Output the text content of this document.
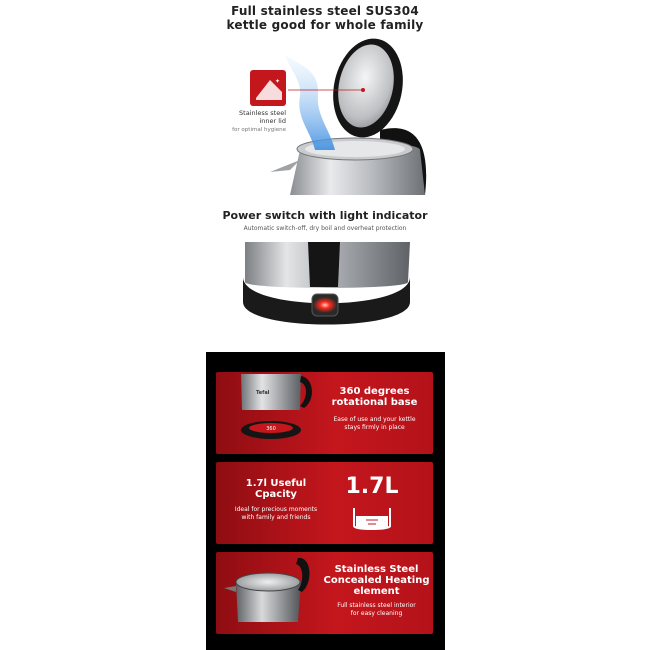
Full stainless steel SUS304
kettle good for whole family
✦
Stainless steel
inner lid
for optimal hygiene
Power switch with light indicator
Automatic switch-off, dry boil and overheat protection
360
Tefal	360 degrees
rotational base
Ease of use and your kettle
stays firmly in place
1.7l Useful
Cpacity
Ideal for precious moments
with family and friends
1.7L
Stainless Steel
Concealed Heating
element
Full stainless steel interior
for easy cleaning
